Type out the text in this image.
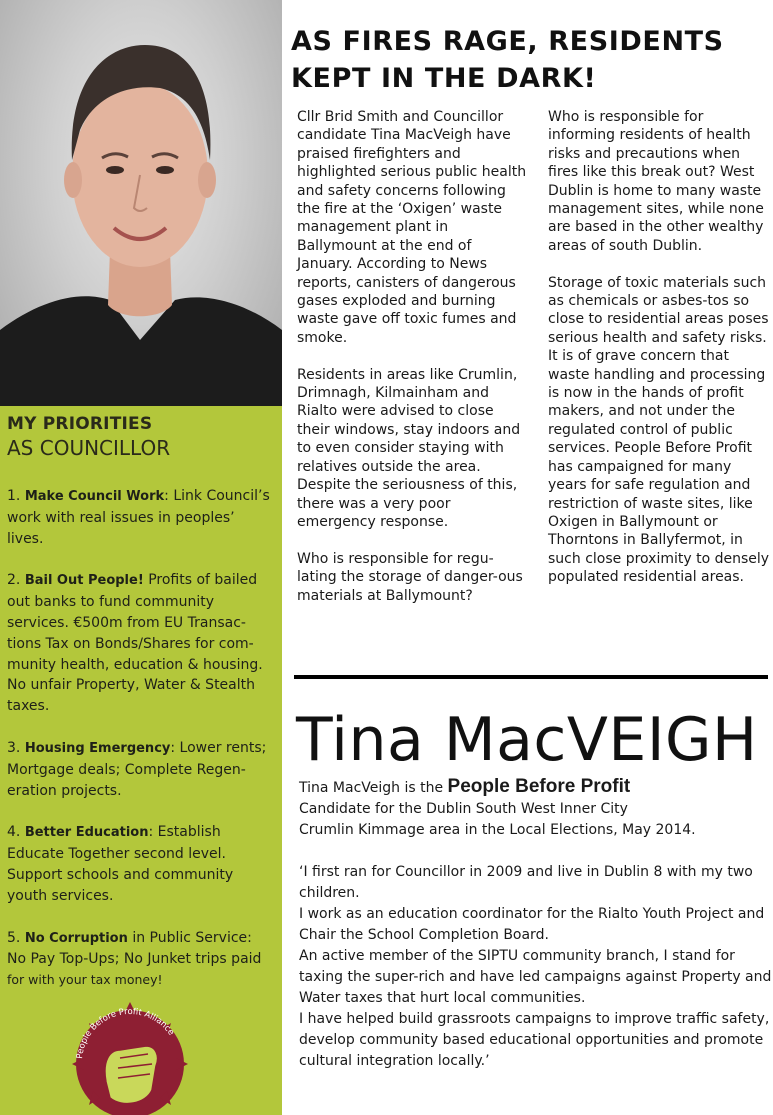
MY PRIORITIES
AS COUNCILLOR

1. Make Council Work: Link Council’s work with real issues in peoples’ lives.

2. Bail Out People! Profits of bailed out banks to fund community services. €500m from EU Transac-tions Tax on Bonds/Shares for com-munity health, education & housing. No unfair Property, Water & Stealth taxes.

3. Housing Emergency: Lower rents; Mortgage deals; Complete Regen-eration projects.

4. Better Education: Establish Educate Together second level. Support schools and community youth services.

5. No Corruption in Public Service: No Pay Top-Ups; No Junket trips paid for with your tax money!

People Before Profit Alliance
AS FIRES RAGE, RESIDENTS
KEPT IN THE DARK!

Cllr Brid Smith and Councillor candidate Tina MacVeigh have praised firefighters and highlighted serious public health and safety concerns following the fire at the ‘Oxigen’ waste management plant in Ballymount at the end of January. According to News reports, canisters of dangerous gases exploded and burning waste gave off toxic fumes and smoke.

Residents in areas like Crumlin, Drimnagh, Kilmainham and Rialto were advised to close their windows, stay indoors and to even consider staying with relatives outside the area. Despite the seriousness of this, there was a very poor emergency response.

Who is responsible for regu-lating the storage of danger-ous materials at Ballymount?

Who is responsible for informing residents of health risks and precautions when fires like this break out? West Dublin is home to many waste management sites, while none are based in the other wealthy areas of south Dublin.

Storage of toxic materials such as chemicals or asbes-tos so close to residential areas poses serious health and safety risks. It is of grave concern that waste handling and processing is now in the hands of profit makers, and not under the regulated control of public services. People Before Profit has campaigned for many years for safe regulation and restriction of waste sites, like Oxigen in Ballymount or Thorntons in Ballyfermot, in such close proximity to densely populated residential areas.

Tina MacVEIGH

Tina MacVeigh is the People Before Profit
Candidate for the Dublin South West Inner City
Crumlin Kimmage area in the Local Elections, May 2014.

‘I first ran for Councillor in 2009 and live in Dublin 8 with my two children.
I work as an education coordinator for the Rialto Youth Project and Chair the School Completion Board.
An active member of the SIPTU community branch, I stand for taxing the super-rich and have led campaigns against Property and Water taxes that hurt local communities.
I have helped build grassroots campaigns to improve traffic safety, develop community based educational opportunities and promote cultural integration locally.’
